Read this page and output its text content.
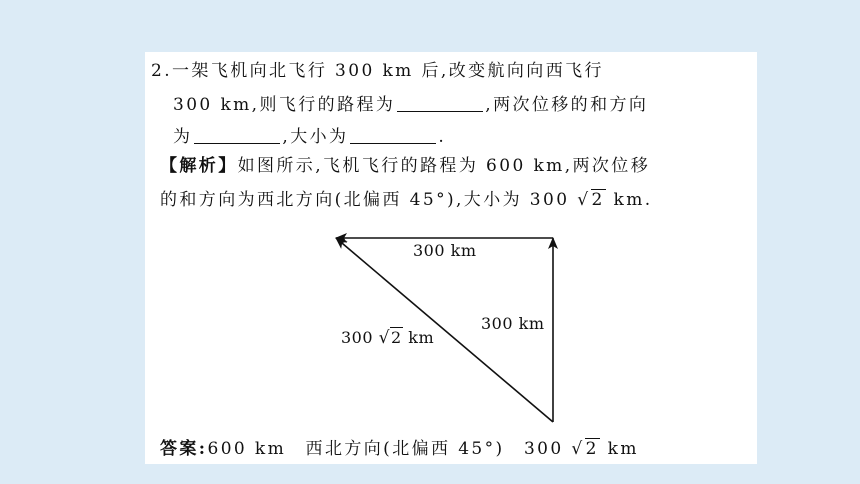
2.一架飞机向北飞行 300 km 后,改变航向向西飞行
300 km,则飞行的路程为	,两次位移的和方向
为	,大小为	.
【解析】如图所示,飞机飞行的路程为 600 km,两次位移
的和方向为西北方向(北偏西 45°),大小为 300 √2 km.
300 km
300 km
300 √2 km
答案:600 km　西北方向(北偏西 45°)　300 √2 km
